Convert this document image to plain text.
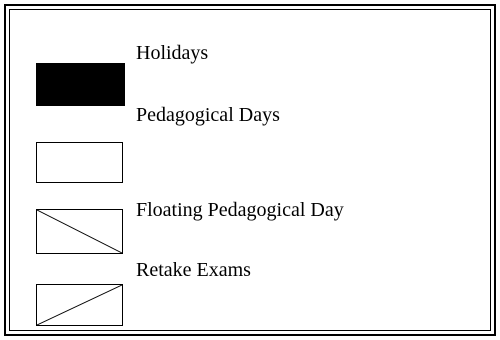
Holidays
Pedagogical Days
Floating Pedagogical Day
Retake Exams
